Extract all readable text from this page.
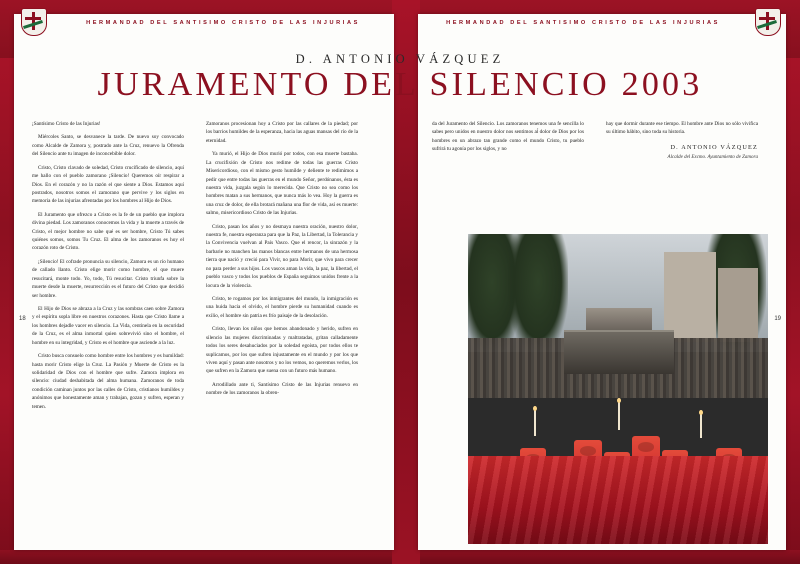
HERMANDAD DEL SANTISIMO CRISTO DE LAS INJURIAS	HERMANDAD DEL SANTISIMO CRISTO DE LAS INJURIAS
D. ANTONIO VÁZQUEZ
JURAMENTO DEL SILENCIO 2003
18	19

¡Santísimo Cristo de las Injurias!

Miércoles Santo, se desvanece la tarde. De nuevo soy convocado como Alcalde de Zamora y, postrado ante la Cruz, renuevo la Ofrenda del Silencio ante tu imagen de inconcebible dolor.

Cristo, Cristo clavado de soledad, Cristo crucificado de silencio, aquí me hallo con el pueblo zamorano ¡Silencio! Queremos oír respirar a Dios. En el corazón y no la razón el que siente a Dios. Estamos aquí postrados, nosotros somos el zamorano que pervive y los siglos en memoria de las injurias afrentadas por los hombres al Hijo de Dios.

El Juramento que ofrezco a Cristo es la fe de un pueblo que implora divina piedad. Los zamoranos conocemos la vida y la muerte a través de Cristo, el mejor hombre no sabe qué es ser hombre, Cristo Tú sabes quiénes somos, somos Tu Cruz. El alma de los zamoranos es hoy el corazón roto de Cristo.

¡Silencio! El cofrade pronuncia su silencio, Zamora es un río humano de callado llanto. Cristo elige morir como hombre, el que muere resucitará, monte todo. Yo, todo, Tú resucitar. Cristo triunfa sobre la muerte desde la muerte, resurrección es el futuro del Cristo que decidió ser hombre.

El Hijo de Dios se abraza a la Cruz y las sombras caen sobre Zamora y el espíritu sopla libre en nuestros corazones. Hasta que Cristo llame a los hombres dejadle vacer en silencio. La Vida, centinela en la oscuridad de la Cruz, es el alma inmortal quien sobrevivió sino el hombre, el hombre en su integridad, y Cristo es el hombre que asciende a la luz.

Cristo busca consuelo como hombre entre los hombres y es humildad: hasta morir Cristo elige la Cruz. La Pasión y Muerte de Cristo es la solidaridad de Dios con el hombre que sufre. Zamora implora en silencio: ciudad deshabitada del alma humana. Zamoranos de toda condición caminan juntos por las calles de Cristo, cristianos humildes y anónimos que honestamente aman y trabajan, gozan y sufren, esperan y temen.

Zamoranos procesionan hoy a Cristo por las callares de la piedad; por los barrios humildes de la esperanza, hacia las aguas mansas del río de la eternidad.

Ya murió, el Hijo de Dios murió por todos, con esa muerte bastaba. La crucifixión de Cristo nos redime de todas las guerras Cristo Misericordioso, con el mismo gesto humilde y deliente te redimimos a pedir que entre todas las guerras en el mundo Señor, perdónanos, ésta es nuestra vida, juzgala según lo merecida. Que Cristo no sea como los hombres matan a sus hermanos, que nunca más lo vea. Hoy la guerra es una cruz de dolor, de ella brotará mañana una flor de vida, así es muerte: salmo, misericordioso Cristo de las Injurias.

Cristo, pasan los años y no desmaya nuestra oración, nuestro dolor, nuestra fe, nuestra esperanza para que la Paz, la Libertad, la Tolerancia y la Convivencia vuelvan al País Vasco. Que el rencor, la sinrazón y la barbarie no manchen las manos blancas entre hermanos de una hermosa tierra que nació y creció para Vivir, no para Morir, que vivo para crecer no para perder a sus hijos. Los vascos aman la vida, la paz, la libertad, el pueblo vasco y todos los pueblos de España seguimos unidos frente a la locura de la violencia.

Cristo, te rogamos por los inmigrantes del mundo, la inmigración es una huida hacia el olvido, el hombre pierde su humanidad cuando es exilio, el hombre sin patria es frío paisaje de la desolación.

Cristo, llevan los niños que hemos abandonado y herido, sufren en silencio las mujeres discriminadas y maltratadas, gritan calladamente todos los seres desahuciados por la soledad egoísta, por todos ellos te suplicamos, por los que sufren injustamente en el mundo y por los que viven aquí y pasan ante nosotros y no los vemos, no queremos verlos, los que sufren en la Zamora que suena con un futuro más humano.

Arrodillado ante ti, Santísimo Cristo de las Injurias renuevo en nombre de los zamoranos la obren-

da del Juramento del Silencio. Los zamoranos tenemos una fe sencilla lo sabes pero unidos en nuestro dolor nos sentimos aĺ dolor de Dios por los hombres en un abrazo tan grande como el mundo Cristo, tu pueblo sufrirá tu agonía por los siglos, y no

hay que dormir durante ese tiempo. El hombre ante Dios no sólo vivifica su último hábito, sino toda su historia.

D. ANTONIO VÁZQUEZ
Alcalde del Excmo. Ayuntamiento de Zamora
